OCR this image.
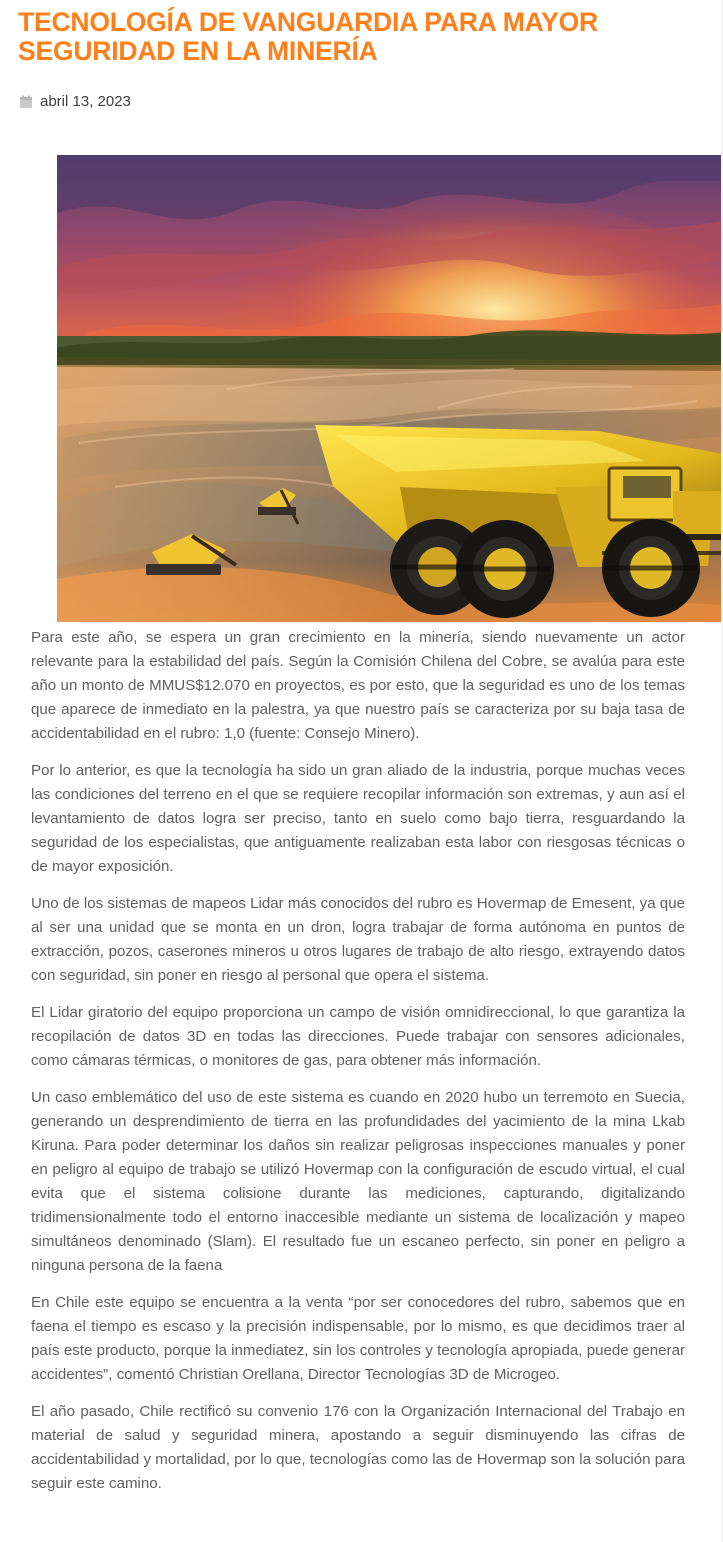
TECNOLOGÍA DE VANGUARDIA PARA MAYOR SEGURIDAD EN LA MINERÍA
abril 13, 2023

Para este año, se espera un gran crecimiento en la minería, siendo nuevamente un actor relevante para la estabilidad del país. Según la Comisión Chilena del Cobre, se avalúa para este año un monto de MMUS$12.070 en proyectos, es por esto, que la seguridad es uno de los temas que aparece de inmediato en la palestra, ya que nuestro país se caracteriza por su baja tasa de accidentabilidad en el rubro: 1,0 (fuente: Consejo Minero).

Por lo anterior, es que la tecnología ha sido un gran aliado de la industria, porque muchas veces las condiciones del terreno en el que se requiere recopilar información son extremas, y aun así el levantamiento de datos logra ser preciso, tanto en suelo como bajo tierra, resguardando la seguridad de los especialistas, que antiguamente realizaban esta labor con riesgosas técnicas o de mayor exposición.

Uno de los sistemas de mapeos Lidar más conocidos del rubro es Hovermap de Emesent, ya que al ser una unidad que se monta en un dron, logra trabajar de forma autónoma en puntos de extracción, pozos, caserones mineros u otros lugares de trabajo de alto riesgo, extrayendo datos con seguridad, sin poner en riesgo al personal que opera el sistema.

El Lidar giratorio del equipo proporciona un campo de visión omnidireccional, lo que garantiza la recopilación de datos 3D en todas las direcciones. Puede trabajar con sensores adicionales, como cámaras térmicas, o monitores de gas, para obtener más información.

Un caso emblemático del uso de este sistema es cuando en 2020 hubo un terremoto en Suecia, generando un desprendimiento de tierra en las profundidades del yacimiento de la mina Lkab Kiruna. Para poder determinar los daños sin realizar peligrosas inspecciones manuales y poner en peligro al equipo de trabajo se utilizó Hovermap con la configuración de escudo virtual, el cual evita que el sistema colisione durante las mediciones, capturando, digitalizando tridimensionalmente todo el entorno inaccesible mediante un sistema de localización y mapeo simultáneos denominado (Slam). El resultado fue un escaneo perfecto, sin poner en peligro a ninguna persona de la faena

En Chile este equipo se encuentra a la venta “por ser conocedores del rubro, sabemos que en faena el tiempo es escaso y la precisión indispensable, por lo mismo, es que decidimos traer al país este producto, porque la inmediatez, sin los controles y tecnología apropiada, puede generar accidentes”, comentó Christian Orellana, Director Tecnologías 3D de Microgeo.

El año pasado, Chile rectificó su convenio 176 con la Organización Internacional del Trabajo en material de salud y seguridad minera, apostando a seguir disminuyendo las cifras de accidentabilidad y mortalidad, por lo que, tecnologías como las de Hovermap son la solución para seguir este camino.
